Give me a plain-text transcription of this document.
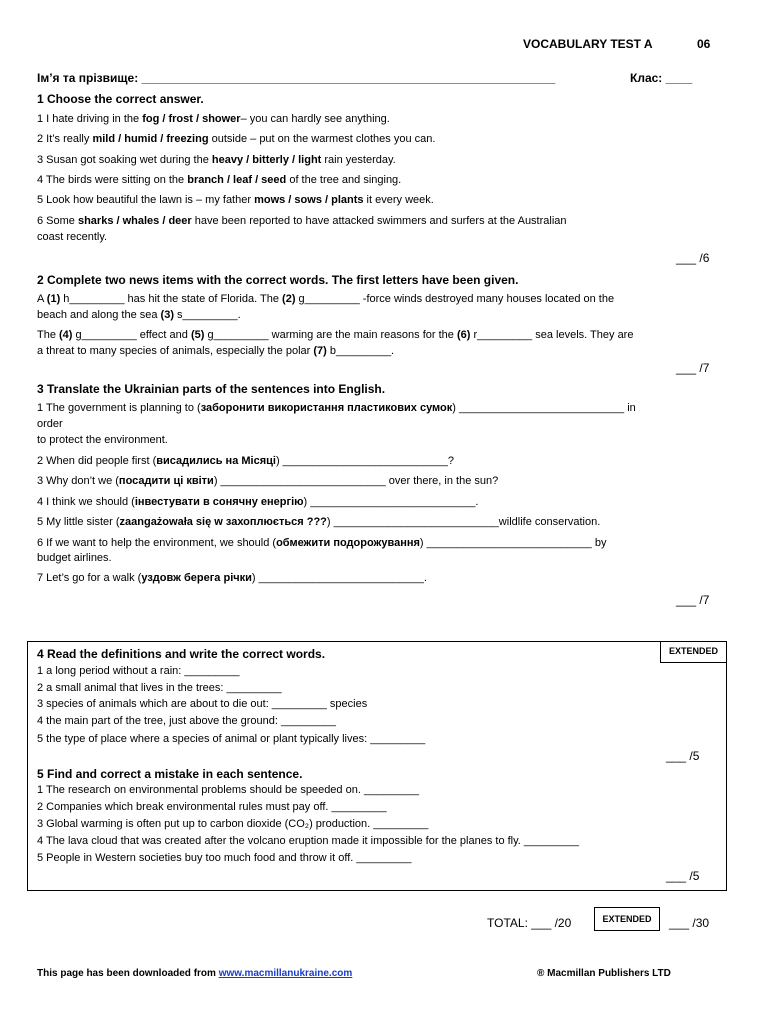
VOCABULARY TEST A	06
Ім’я та прізвище: ______________________________________________________________	Клас: ____
1 Choose the correct answer.
1 I hate driving in the fog / frost / shower– you can hardly see anything.
2 It’s really mild / humid / freezing outside – put on the warmest clothes you can.
3 Susan got soaking wet during the heavy / bitterly / light rain yesterday.
4 The birds were sitting on the branch / leaf / seed of the tree and singing.
5 Look how beautiful the lawn is – my father mows / sows / plants it every week.
6 Some sharks / whales / deer have been reported to have attacked swimmers and surfers at the Australian
coast recently.
___ /6
2 Complete two news items with the correct words. The first letters have been given.
A (1) h_________ has hit the state of Florida. The (2) g_________ -force winds destroyed many houses located on the
beach and along the sea (3) s_________.
The (4) g_________ effect and (5) g_________ warming are the main reasons for the (6) r_________ sea levels. They are
a threat to many species of animals, especially the polar (7) b_________.
___ /7
3 Translate the Ukrainian parts of the sentences into English.
1 The government is planning to (заборонити використання пластикових сумок) ___________________________ in
order
to protect the environment.
2 When did people first (висадились на Місяці) ___________________________?
3 Why don’t we (посадити ці квіти) ___________________________ over there, in the sun?
4 I think we should (інвестувати в сонячну енергію) ___________________________.
5 My little sister (zaangażowała się w захоплюється ???) ___________________________wildlife conservation.
6 If we want to help the environment, we should (обмежити подорожування) ___________________________ by
budget airlines.
7 Let’s go for a walk (уздовж берега річки) ___________________________.
___ /7
EXTENDED
4 Read the definitions and write the correct words.
1 a long period without a rain: _________
2 a small animal that lives in the trees: _________
3 species of animals which are about to die out: _________ species
4 the main part of the tree, just above the ground: _________
5 the type of place where a species of animal or plant typically lives: _________
___ /5
5 Find and correct a mistake in each sentence.
1 The research on environmental problems should be speeded on. _________
2 Companies which break environmental rules must pay off. _________
3 Global warming is often put up to carbon dioxide (CO₂) production. _________
4 The lava cloud that was created after the volcano eruption made it impossible for the planes to fly. _________
5 People in Western societies buy too much food and throw it off. _________
___ /5
TOTAL: ___ /20	EXTENDED	___ /30
This page has been downloaded from www.macmillanukraine.com	® Macmillan Publishers LTD
